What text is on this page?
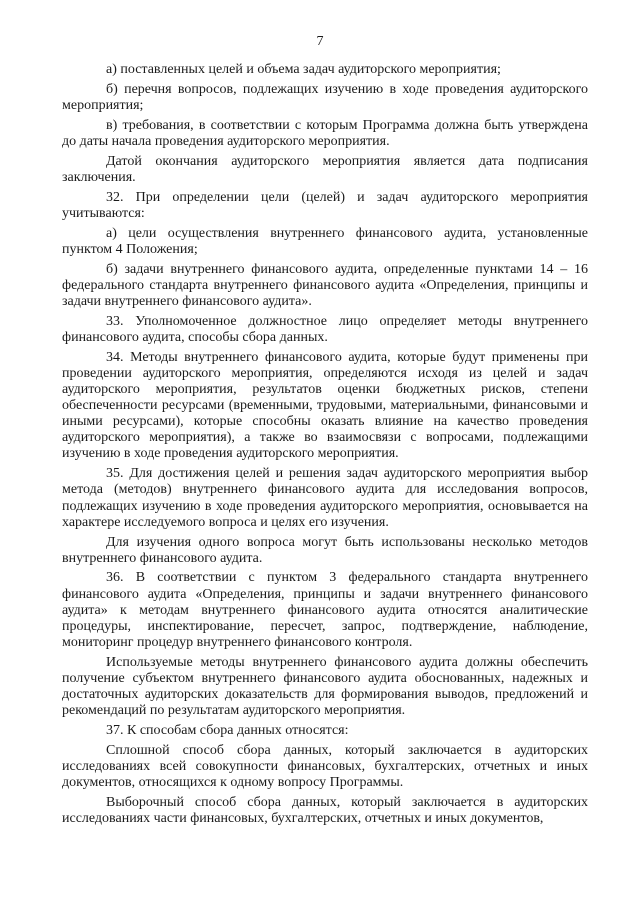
7

а) поставленных целей и объема задач аудиторского мероприятия;

б) перечня вопросов, подлежащих изучению в ходе проведения аудиторского мероприятия;

в) требования, в соответствии с которым Программа должна быть утверждена до даты начала проведения аудиторского мероприятия.

Датой окончания аудиторского мероприятия является дата подписания заключения.

32. При определении цели (целей) и задач аудиторского мероприятия учитываются:

а) цели осуществления внутреннего финансового аудита, установленные пунктом 4 Положения;

б) задачи внутреннего финансового аудита, определенные пунктами 14 – 16 федерального стандарта внутреннего финансового аудита «Определения, принципы и задачи внутреннего финансового аудита».

33. Уполномоченное должностное лицо определяет методы внутреннего финансового аудита, способы сбора данных.

34. Методы внутреннего финансового аудита, которые будут применены при проведении аудиторского мероприятия, определяются исходя из целей и задач аудиторского мероприятия, результатов оценки бюджетных рисков, степени обеспеченности ресурсами (временными, трудовыми, материальными, финансовыми и иными ресурсами), которые способны оказать влияние на качество проведения аудиторского мероприятия), а также во взаимосвязи с вопросами, подлежащими изучению в ходе проведения аудиторского мероприятия.

35. Для достижения целей и решения задач аудиторского мероприятия выбор метода (методов) внутреннего финансового аудита для исследования вопросов, подлежащих изучению в ходе проведения аудиторского мероприятия, основывается на характере исследуемого вопроса и целях его изучения.

Для изучения одного вопроса могут быть использованы несколько методов внутреннего финансового аудита.

36. В соответствии с пунктом 3 федерального стандарта внутреннего финансового аудита «Определения, принципы и задачи внутреннего финансового аудита» к методам внутреннего финансового аудита относятся аналитические процедуры, инспектирование, пересчет, запрос, подтверждение, наблюдение, мониторинг процедур внутреннего финансового контроля.

Используемые методы внутреннего финансового аудита должны обеспечить получение субъектом внутреннего финансового аудита обоснованных, надежных и достаточных аудиторских доказательств для формирования выводов, предложений и рекомендаций по результатам аудиторского мероприятия.

37. К способам сбора данных относятся:

Сплошной способ сбора данных, который заключается в аудиторских исследованиях всей совокупности финансовых, бухгалтерских, отчетных и иных документов, относящихся к одному вопросу Программы.

Выборочный способ сбора данных, который заключается в аудиторских исследованиях части финансовых, бухгалтерских, отчетных и иных документов,
